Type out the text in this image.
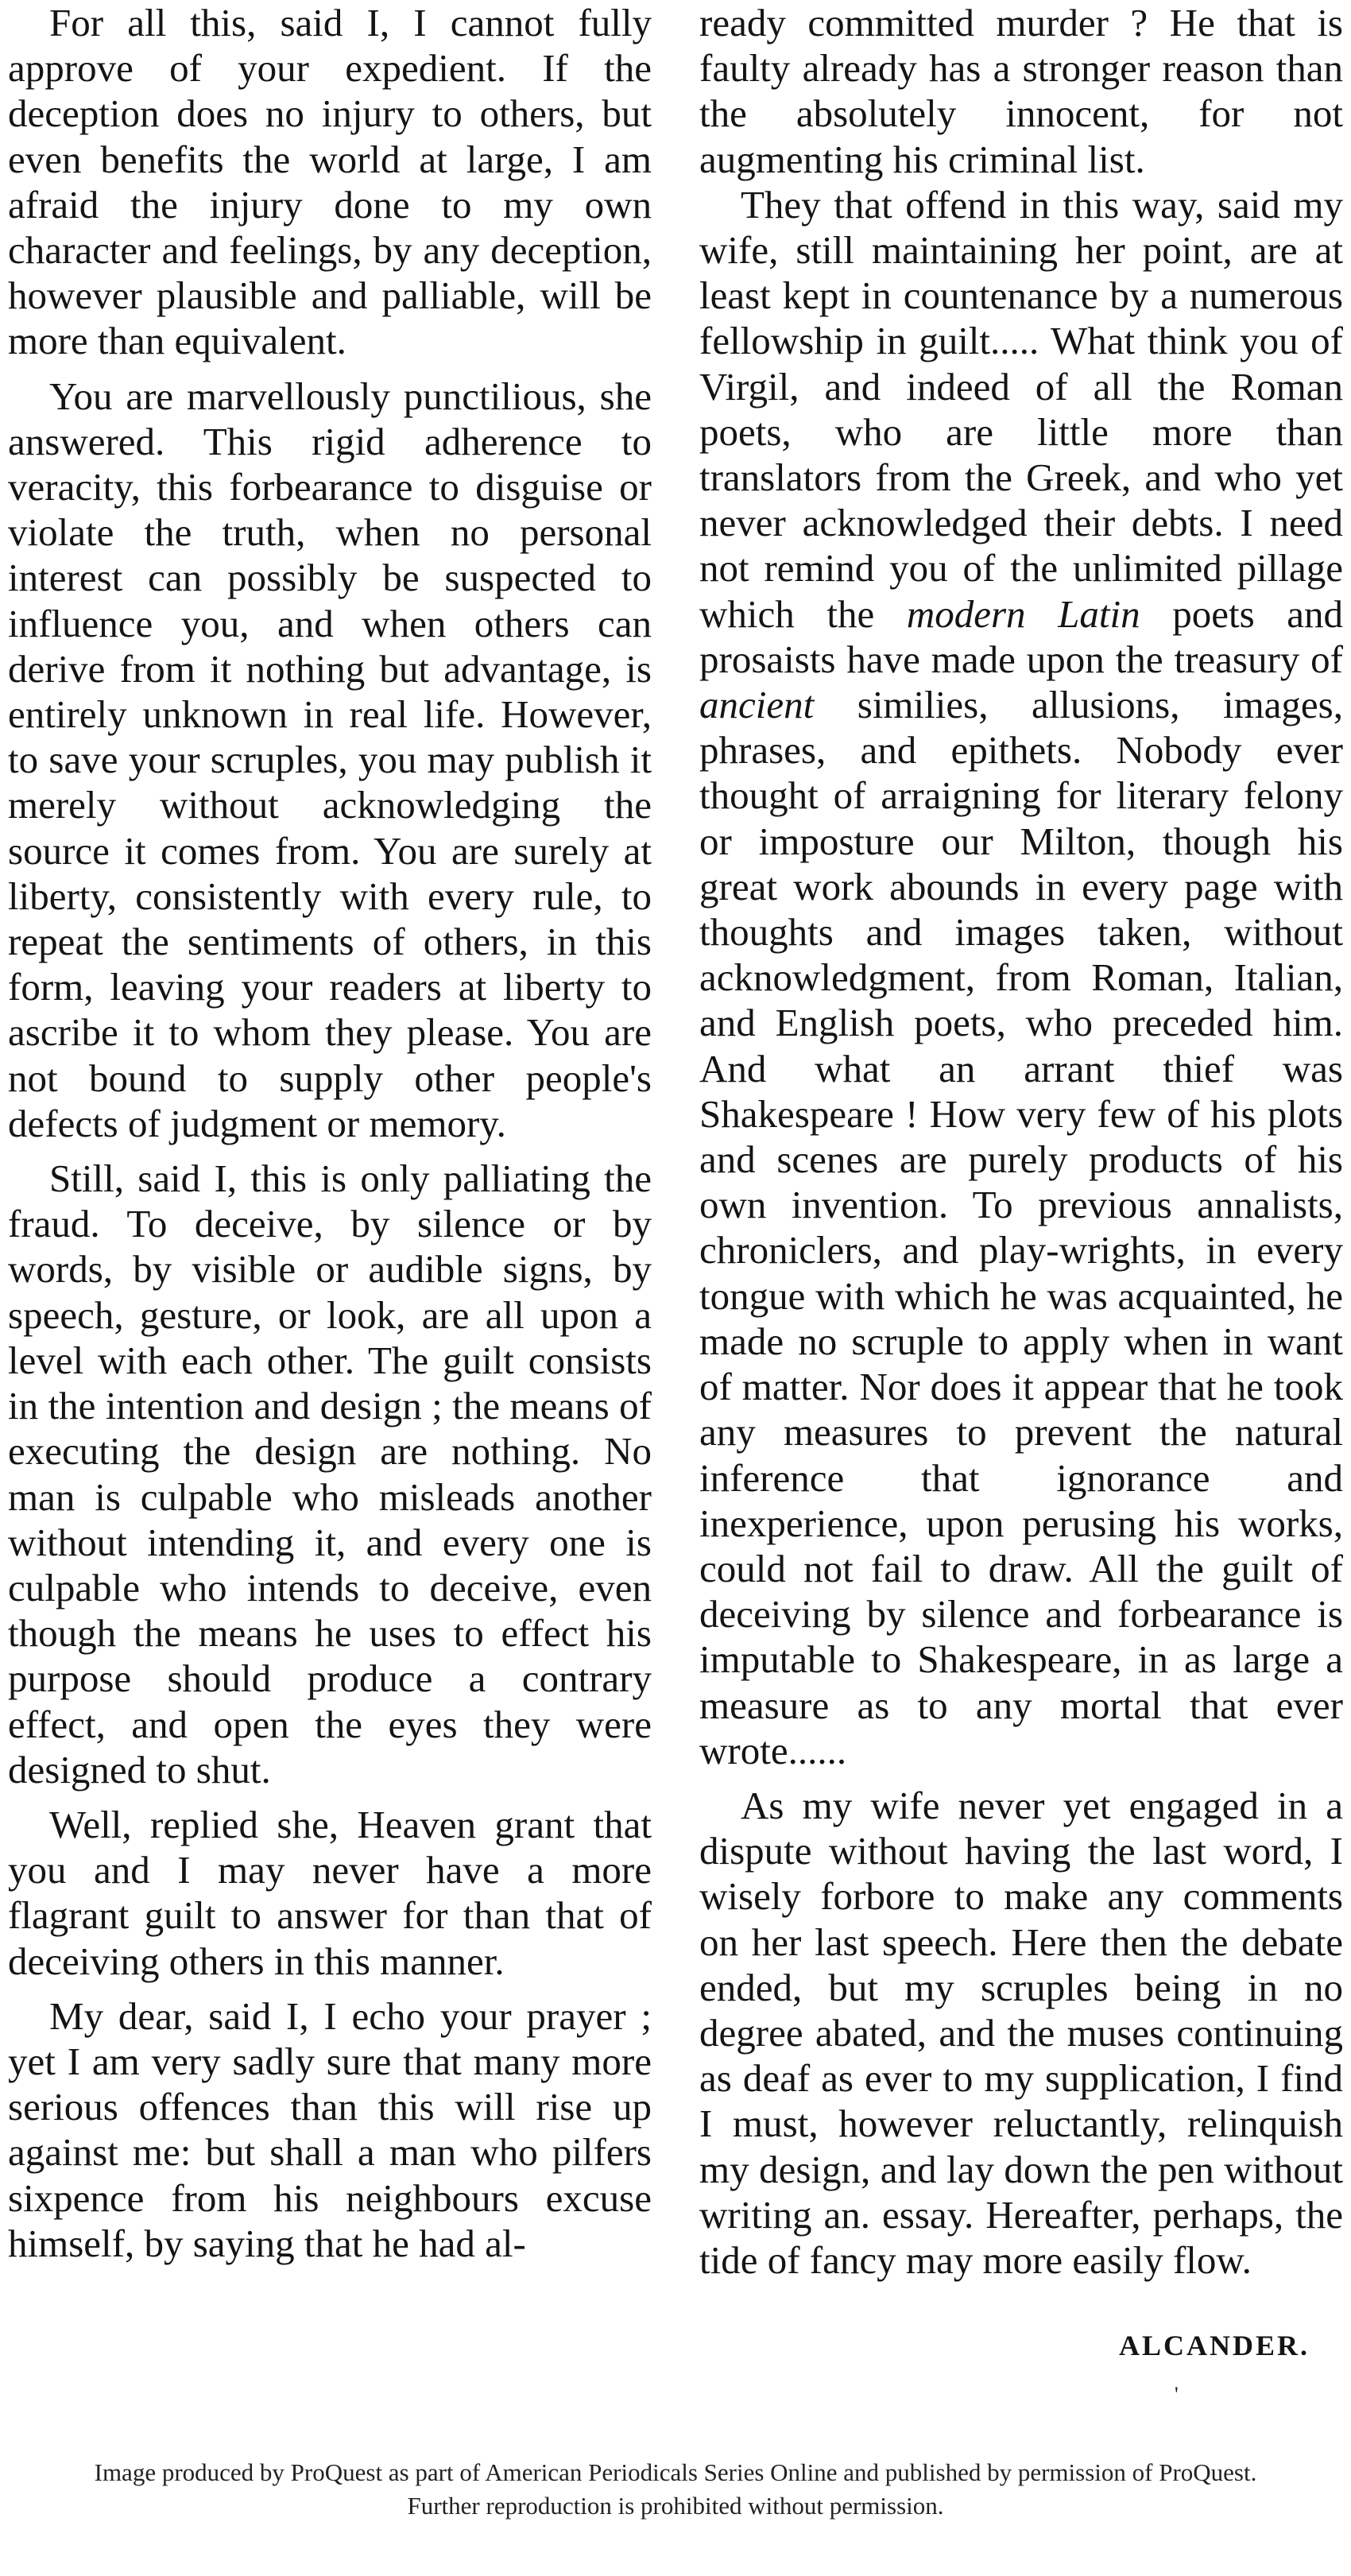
For all this, said I, I cannot fully approve of your expedient. If the deception does no injury to others, but even benefits the world at large, I am afraid the injury done to my own character and feelings, by any deception, however plausible and palliable, will be more than equivalent.

You are marvellously punctilious, she answered. This rigid adherence to veracity, this forbearance to disguise or violate the truth, when no personal interest can possibly be suspected to influence you, and when others can derive from it nothing but advantage, is entirely unknown in real life. However, to save your scruples, you may publish it merely without acknowledging the source it comes from. You are surely at liberty, consistently with every rule, to repeat the sentiments of others, in this form, leaving your readers at liberty to ascribe it to whom they please. You are not bound to supply other people's defects of judgment or memory.

Still, said I, this is only palliating the fraud. To deceive, by silence or by words, by visible or audible signs, by speech, gesture, or look, are all upon a level with each other. The guilt consists in the intention and design ; the means of executing the design are nothing. No man is culpable who misleads another without intending it, and every one is culpable who intends to deceive, even though the means he uses to effect his purpose should produce a contrary effect, and open the eyes they were designed to shut.

Well, replied she, Heaven grant that you and I may never have a more flagrant guilt to answer for than that of deceiving others in this manner.

My dear, said I, I echo your prayer ; yet I am very sadly sure that many more serious offences than this will rise up against me: but shall a man who pilfers sixpence from his neighbours excuse himself, by saying that he had al-

ready committed murder ? He that is faulty already has a stronger reason than the absolutely innocent, for not augmenting his criminal list.

They that offend in this way, said my wife, still maintaining her point, are at least kept in countenance by a numerous fellowship in guilt..... What think you of Virgil, and indeed of all the Roman poets, who are little more than translators from the Greek, and who yet never acknowledged their debts. I need not remind you of the unlimited pillage which the modern Latin poets and prosaists have made upon the treasury of ancient similies, allusions, images, phrases, and epithets. Nobody ever thought of arraigning for literary felony or imposture our Milton, though his great work abounds in every page with thoughts and images taken, without acknowledgment, from Roman, Italian, and English poets, who preceded him. And what an arrant thief was Shakespeare ! How very few of his plots and scenes are purely products of his own invention. To previous annalists, chroniclers, and play-wrights, in every tongue with which he was acquainted, he made no scruple to apply when in want of matter. Nor does it appear that he took any measures to prevent the natural inference that ignorance and inexperience, upon perusing his works, could not fail to draw. All the guilt of deceiving by silence and forbearance is imputable to Shakespeare, in as large a measure as to any mortal that ever wrote......

As my wife never yet engaged in a dispute without having the last word, I wisely forbore to make any comments on her last speech. Here then the debate ended, but my scruples being in no degree abated, and the muses continuing as deaf as ever to my supplication, I find I must, however reluctantly, relinquish my design, and lay down the pen without writing an. essay. Hereafter, perhaps, the tide of fancy may more easily flow.

ALCANDER.
'
Image produced by ProQuest as part of American Periodicals Series Online and published by permission of ProQuest.
Further reproduction is prohibited without permission.
